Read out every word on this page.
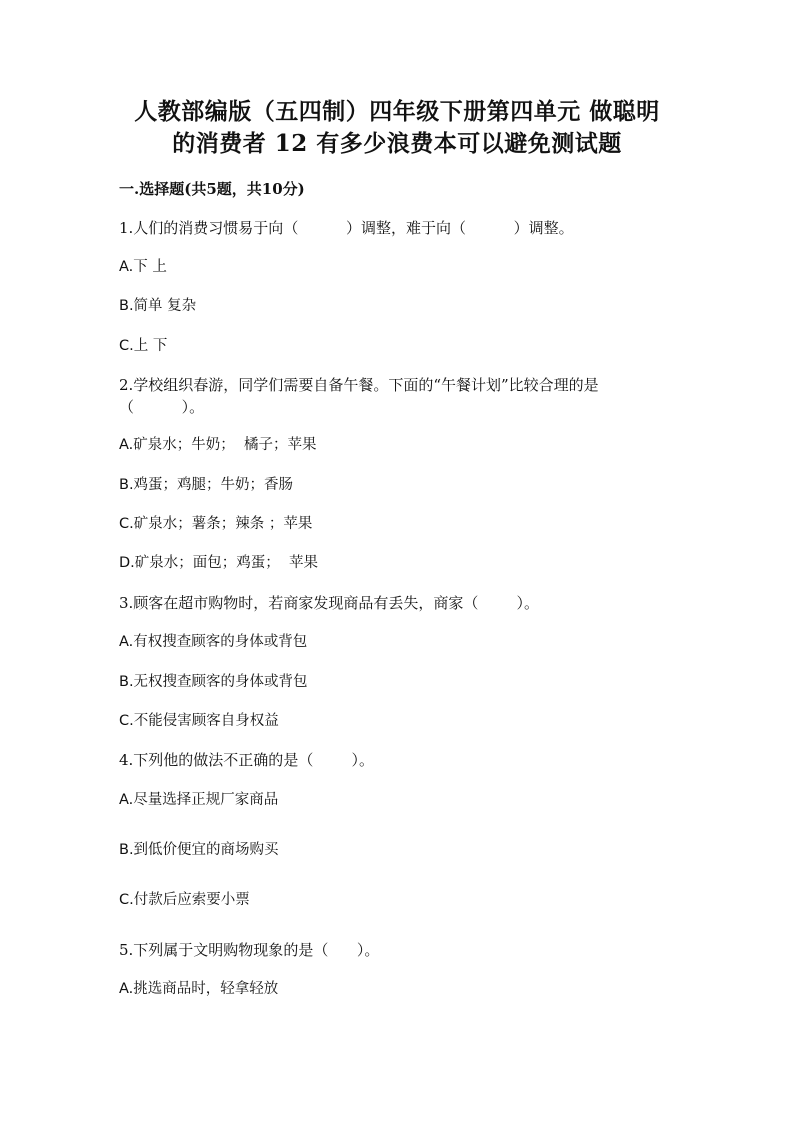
人教部编版（五四制）四年级下册第四单元 做聪明
的消费者 12 有多少浪费本可以避免测试题
一.选择题(共5题，共10分)
1.人们的消费习惯易于向（          ）调整，难于向（          ）调整。
A.下 上
B.简单 复杂
C.上 下
2.学校组织春游，同学们需要自备午餐。下面的“午餐计划”比较合理的是
（          ）。
A.矿泉水；牛奶；  橘子；苹果
B.鸡蛋；鸡腿；牛奶；香肠
C.矿泉水；薯条；辣条 ；苹果
D.矿泉水；面包；鸡蛋；  苹果
3.顾客在超市购物时，若商家发现商品有丢失，商家（        ）。
A.有权搜查顾客的身体或背包
B.无权搜查顾客的身体或背包
C.不能侵害顾客自身权益
4.下列他的做法不正确的是（        ）。
A.尽量选择正规厂家商品
B.到低价便宜的商场购买
C.付款后应索要小票
5.下列属于文明购物现象的是（      ）。
A.挑选商品时，轻拿轻放
